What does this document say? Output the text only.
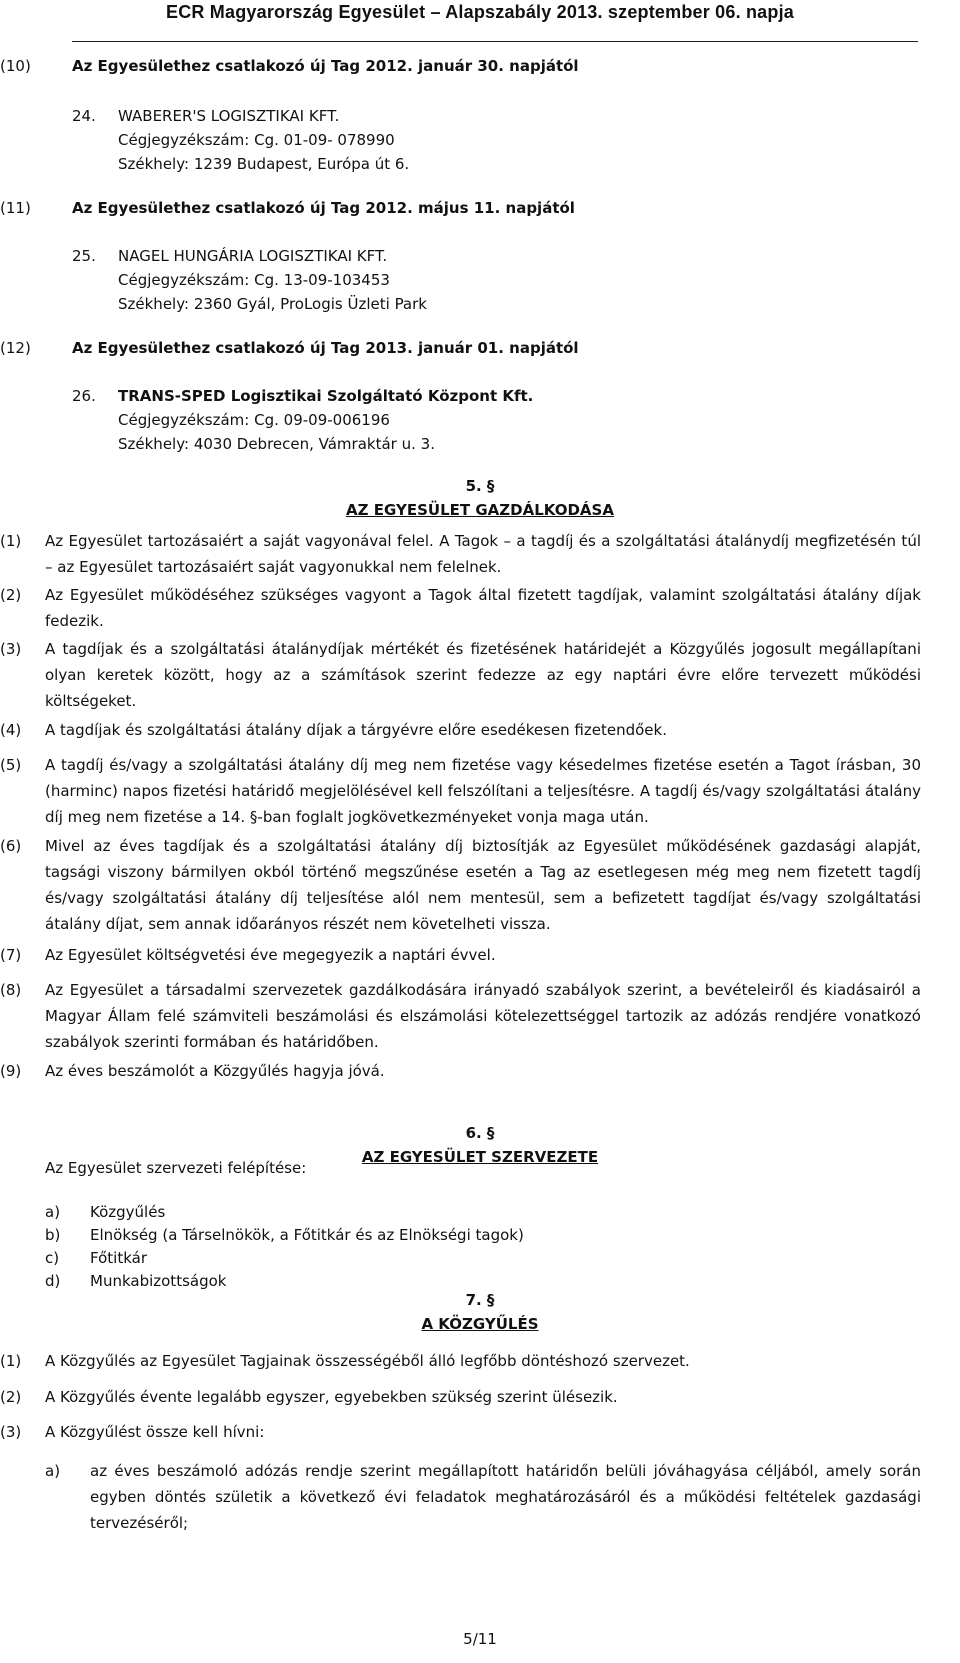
ECR Magyarország Egyesület – Alapszabály 2013. szeptember 06. napja
(10)	Az Egyesülethez csatlakozó új Tag 2012. január 30. napjától
24. WABERER'S LOGISZTIKAI KFT.
Cégjegyzékszám: Cg. 01-09- 078990
Székhely: 1239 Budapest, Európa út 6.
(11)	Az Egyesülethez csatlakozó új Tag 2012. május 11. napjától
25. NAGEL HUNGÁRIA LOGISZTIKAI KFT.
Cégjegyzékszám: Cg. 13-09-103453
Székhely: 2360 Gyál, ProLogis Üzleti Park
(12)	Az Egyesülethez csatlakozó új Tag 2013. január 01. napjától
26. TRANS-SPED Logisztikai Szolgáltató Központ Kft.
Cégjegyzékszám: Cg. 09-09-006196
Székhely: 4030 Debrecen, Vámraktár u. 3.
5. §
AZ EGYESÜLET GAZDÁLKODÁSA
(1) Az Egyesület tartozásaiért a saját vagyonával felel. A Tagok – a tagdíj és a szolgáltatási átalánydíj megfizetésén túl – az Egyesület tartozásaiért saját vagyonukkal nem felelnek.
(2) Az Egyesület működéséhez szükséges vagyont a Tagok által fizetett tagdíjak, valamint szolgáltatási átalány díjak fedezik.
(3) A tagdíjak és a szolgáltatási átalánydíjak mértékét és fizetésének határidejét a Közgyűlés jogosult megállapítani olyan keretek között, hogy az a számítások szerint fedezze az egy naptári évre előre tervezett működési költségeket.
(4) A tagdíjak és szolgáltatási átalány díjak a tárgyévre előre esedékesen fizetendőek.
(5) A tagdíj és/vagy a szolgáltatási átalány díj meg nem fizetése vagy késedelmes fizetése esetén a Tagot írásban, 30 (harminc) napos fizetési határidő megjelölésével kell felszólítani a teljesítésre. A tagdíj és/vagy szolgáltatási átalány díj meg nem fizetése a 14. §-ban foglalt jogkövetkezményeket vonja maga után.
(6) Mivel az éves tagdíjak és a szolgáltatási átalány díj biztosítják az Egyesület működésének gazdasági alapját, tagsági viszony bármilyen okból történő megszűnése esetén a Tag az esetlegesen még meg nem fizetett tagdíj és/vagy szolgáltatási átalány díj teljesítése alól nem mentesül, sem a befizetett tagdíjat és/vagy szolgáltatási átalány díjat, sem annak időarányos részét nem követelheti vissza.
(7) Az Egyesület költségvetési éve megegyezik a naptári évvel.
(8) Az Egyesület a társadalmi szervezetek gazdálkodására irányadó szabályok szerint, a bevételeiről és kiadásairól a Magyar Állam felé számviteli beszámolási és elszámolási kötelezettséggel tartozik az adózás rendjére vonatkozó szabályok szerinti formában és határidőben.
(9) Az éves beszámolót a Közgyűlés hagyja jóvá.
6. §
AZ EGYESÜLET SZERVEZETE
Az Egyesület szervezeti felépítése:
a) Közgyűlés
b) Elnökség (a Társelnökök, a Főtitkár és az Elnökségi tagok)
c) Főtitkár
d) Munkabizottságok
7. §
A KÖZGYŰLÉS
(1) A Közgyűlés az Egyesület Tagjainak összességéből álló legfőbb döntéshozó szervezet.
(2) A Közgyűlés évente legalább egyszer, egyebekben szükség szerint ülésezik.
(3) A Közgyűlést össze kell hívni:
a) az éves beszámoló adózás rendje szerint megállapított határidőn belüli jóváhagyása céljából, amely során egyben döntés születik a következő évi feladatok meghatározásáról és a működési feltételek gazdasági tervezéséről;
5/11
